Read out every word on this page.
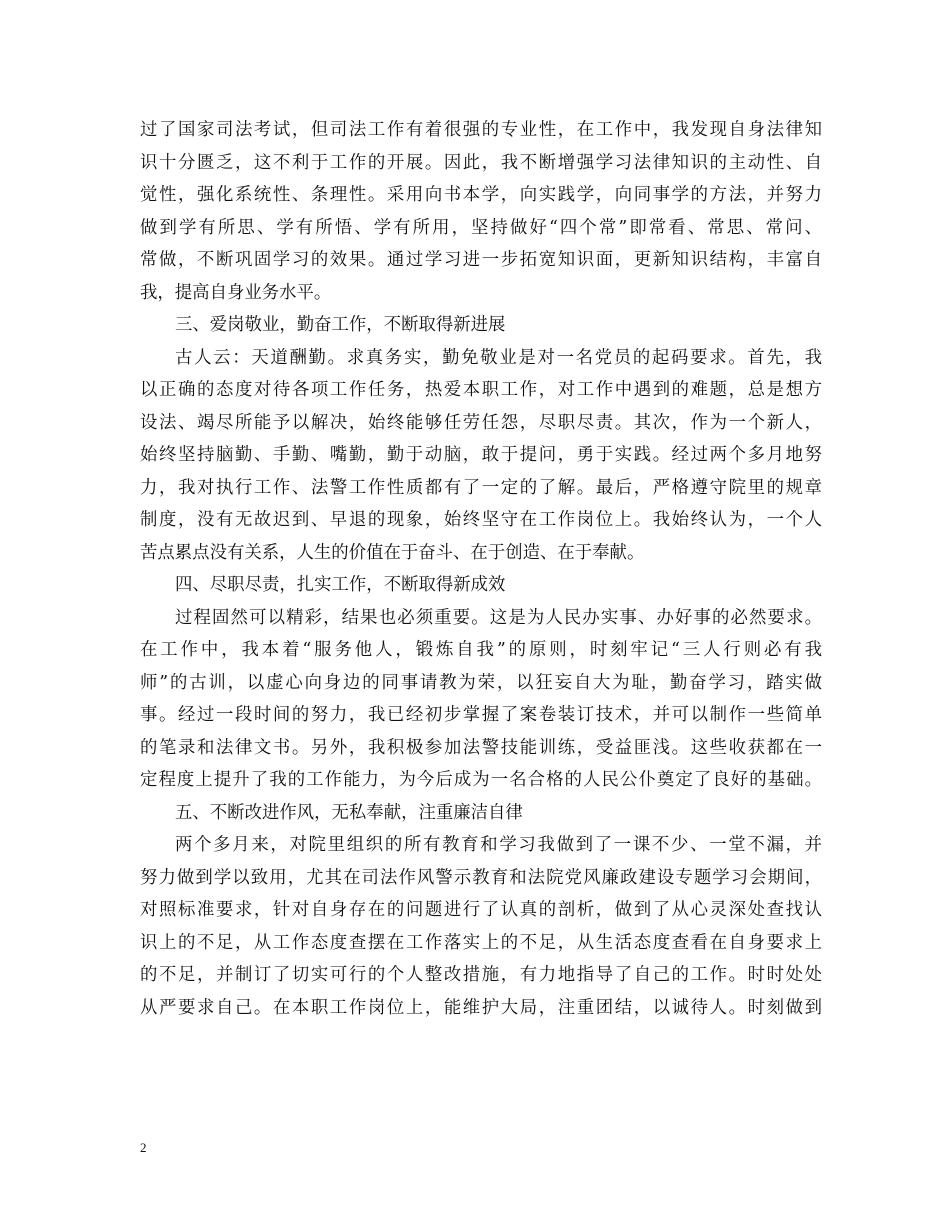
过了国家司法考试，但司法工作有着很强的专业性，在工作中，我发现自身法律知
识十分匮乏，这不利于工作的开展。因此，我不断增强学习法律知识的主动性、自
觉性，强化系统性、条理性。采用向书本学，向实践学，向同事学的方法，并努力
做到学有所思、学有所悟、学有所用，坚持做好“四个常”即常看、常思、常问、
常做，不断巩固学习的效果。通过学习进一步拓宽知识面，更新知识结构，丰富自
我，提高自身业务水平。
三、爱岗敬业，勤奋工作，不断取得新进展
古人云：天道酬勤。求真务实，勤免敬业是对一名党员的起码要求。首先，我
以正确的态度对待各项工作任务，热爱本职工作，对工作中遇到的难题，总是想方
设法、竭尽所能予以解决，始终能够任劳任怨，尽职尽责。其次，作为一个新人，
始终坚持脑勤、手勤、嘴勤，勤于动脑，敢于提问，勇于实践。经过两个多月地努
力，我对执行工作、法警工作性质都有了一定的了解。最后，严格遵守院里的规章
制度，没有无故迟到、早退的现象，始终坚守在工作岗位上。我始终认为，一个人
苦点累点没有关系，人生的价值在于奋斗、在于创造、在于奉献。
四、尽职尽责，扎实工作，不断取得新成效
过程固然可以精彩，结果也必须重要。这是为人民办实事、办好事的必然要求。
在工作中，我本着“服务他人，锻炼自我”的原则，时刻牢记“三人行则必有我
师”的古训，以虚心向身边的同事请教为荣，以狂妄自大为耻，勤奋学习，踏实做
事。经过一段时间的努力，我已经初步掌握了案卷装订技术，并可以制作一些简单
的笔录和法律文书。另外，我积极参加法警技能训练，受益匪浅。这些收获都在一
定程度上提升了我的工作能力，为今后成为一名合格的人民公仆奠定了良好的基础。
五、不断改进作风，无私奉献，注重廉洁自律
两个多月来，对院里组织的所有教育和学习我做到了一课不少、一堂不漏，并
努力做到学以致用，尤其在司法作风警示教育和法院党风廉政建设专题学习会期间，
对照标准要求，针对自身存在的问题进行了认真的剖析，做到了从心灵深处查找认
识上的不足，从工作态度查摆在工作落实上的不足，从生活态度查看在自身要求上
的不足，并制订了切实可行的个人整改措施，有力地指导了自己的工作。时时处处
从严要求自己。在本职工作岗位上，能维护大局，注重团结，以诚待人。时刻做到
2
